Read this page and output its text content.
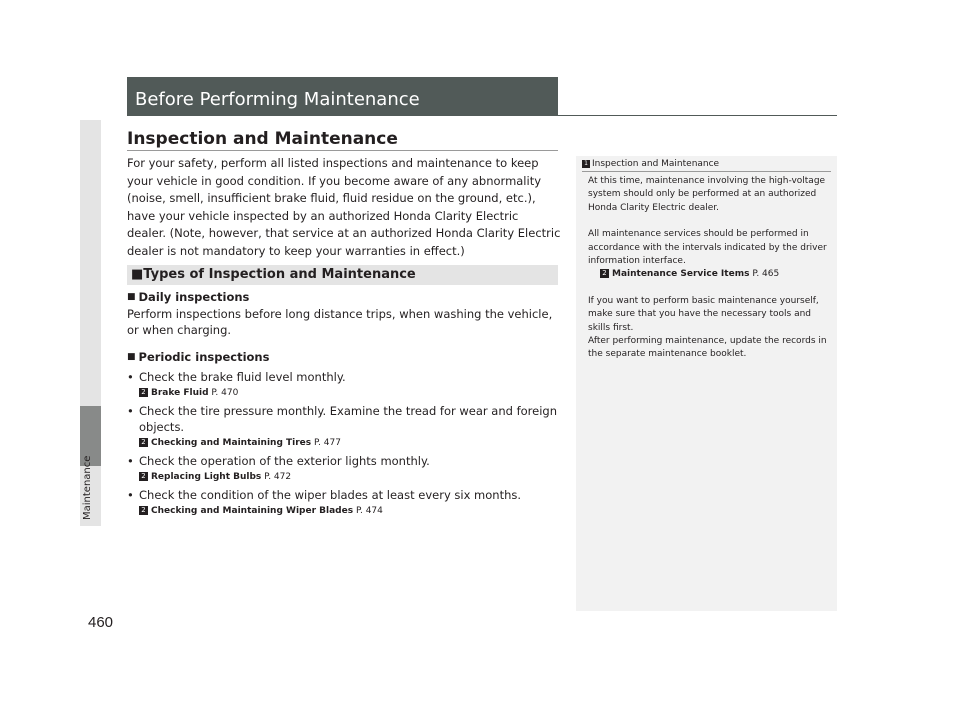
Maintenance
460
Before Performing Maintenance
Inspection and Maintenance
For your safety, perform all listed inspections and maintenance to keep your vehicle in good condition. If you become aware of any abnormality (noise, smell, insufficient brake fluid, fluid residue on the ground, etc.), have your vehicle inspected by an authorized Honda Clarity Electric dealer. (Note, however, that service at an authorized Honda Clarity Electric dealer is not mandatory to keep your warranties in effect.)
■Types of Inspection and Maintenance
■ Daily inspections
Perform inspections before long distance trips, when washing the vehicle, or when charging.
■ Periodic inspections
• Check the brake fluid level monthly.
2 Brake Fluid P. 470
• Check the tire pressure monthly. Examine the tread for wear and foreign objects.
2 Checking and Maintaining Tires P. 477
• Check the operation of the exterior lights monthly.
2 Replacing Light Bulbs P. 472
• Check the condition of the wiper blades at least every six months.
2 Checking and Maintaining Wiper Blades P. 474
1 Inspection and Maintenance

At this time, maintenance involving the high-voltage system should only be performed at an authorized Honda Clarity Electric dealer.

All maintenance services should be performed in accordance with the intervals indicated by the driver information interface.
2 Maintenance Service Items P. 465

If you want to perform basic maintenance yourself, make sure that you have the necessary tools and skills first.
After performing maintenance, update the records in the separate maintenance booklet.
